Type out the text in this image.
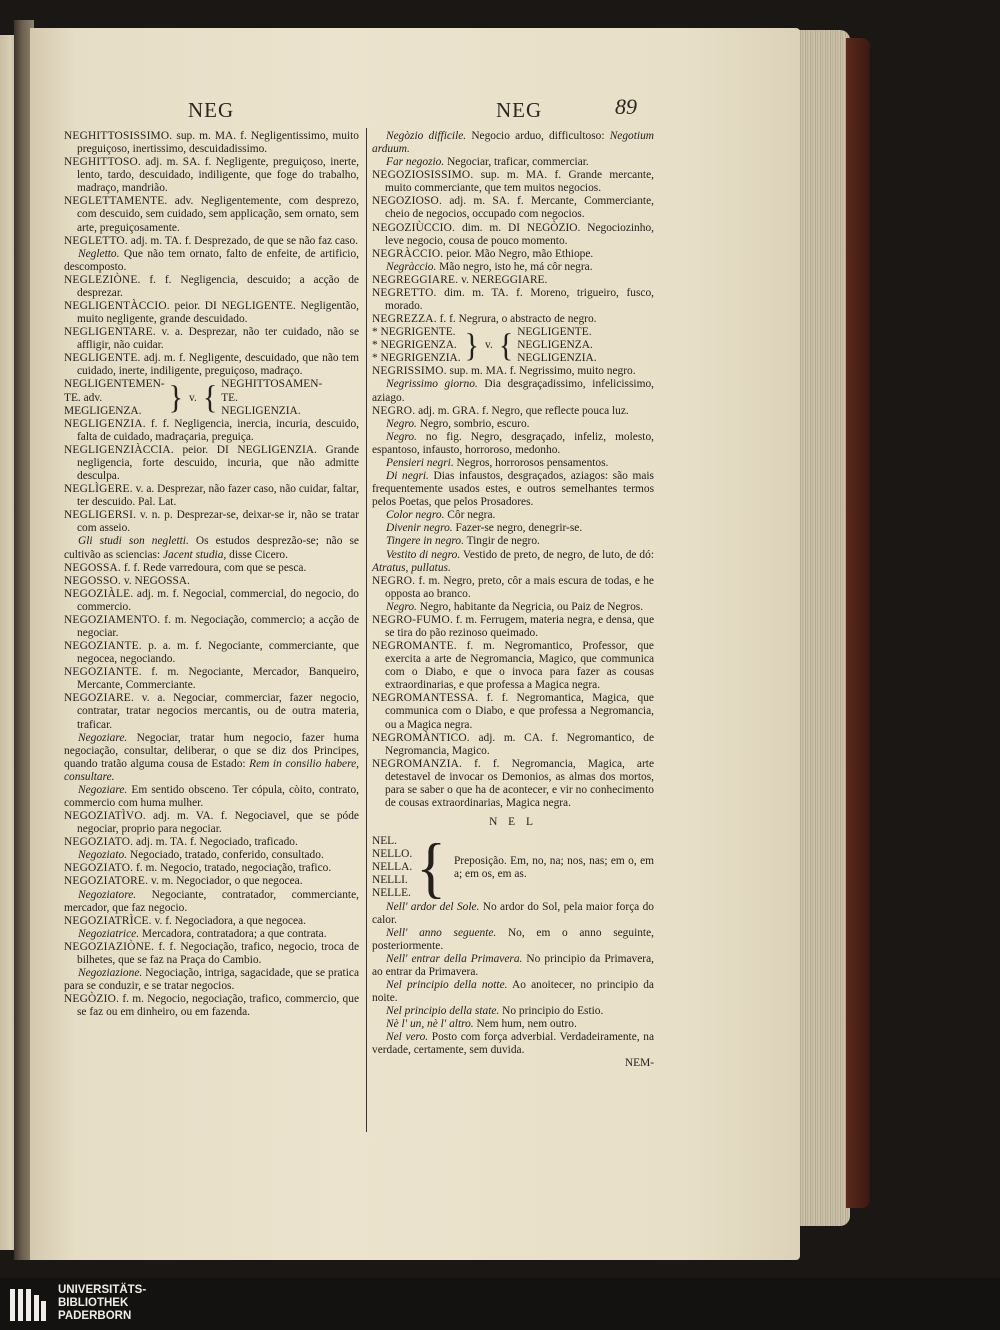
NEG	NEG	89

NEGHITTOSISSIMO. sup. m. MA. f. Negligentissimo, muito preguiçoso, inertissimo, descuidadissimo.

NEGHITTOSO. adj. m. SA. f. Negligente, preguiçoso, inerte, lento, tardo, descuidado, indiligente, que foge do trabalho, madraço, mandrião.

NEGLETTAMENTE. adv. Negligentemente, com desprezo, com descuido, sem cuidado, sem applicação, sem ornato, sem arte, preguiçosamente.

NEGLETTO. adj. m. TA. f. Desprezado, de que se não faz caso.

Negletto. Que não tem ornato, falto de enfeite, de artificio, descomposto.

NEGLEZIÒNE. f. f. Negligencia, descuido; a acção de desprezar.

NEGLIGENTÀCCIO. peior. DI NEGLIGENTE. Negligentão, muito negligente, grande descuidado.

NEGLIGENTARE. v. a. Desprezar, não ter cuidado, não se affligir, não cuidar.

NEGLIGENTE. adj. m. f. Negligente, descuidado, que não tem cuidado, inerte, indiligente, preguiçoso, madraço.

NEGLIGENTEMEN-
TE. adv.
MEGLIGENZA. } v. { NEGHITTOSAMEN-
TE.
NEGLIGENZIA.

NEGLIGENZIA. f. f. Negligencia, inercia, incuria, descuido, falta de cuidado, madraçaria, preguiça.

NEGLIGENZIÀCCIA. peior. DI NEGLIGENZIA. Grande negligencia, forte descuido, incuria, que não admitte desculpa.

NEGLÌGERE. v. a. Desprezar, não fazer caso, não cuidar, faltar, ter descuido. Pal. Lat.

NEGLIGERSI. v. n. p. Desprezar-se, deixar-se ir, não se tratar com asseio.

Gli studi son negletti. Os estudos desprezão-se; não se cultivão as sciencias: Jacent studia, disse Cicero.

NEGOSSA. f. f. Rede varredoura, com que se pesca.

NEGOSSO. v. NEGOSSA.

NEGOZIÀLE. adj. m. f. Negocial, commercial, do negocio, do commercio.

NEGOZIAMENTO. f. m. Negociação, commercio; a acção de negociar.

NEGOZIANTE. p. a. m. f. Negociante, commerciante, que negocea, negociando.

NEGOZIANTE. f. m. Negociante, Mercador, Banqueiro, Mercante, Commerciante.

NEGOZIARE. v. a. Negociar, commerciar, fazer negocio, contratar, tratar negocios mercantis, ou de outra materia, traficar.

Negoziare. Negociar, tratar hum negocio, fazer huma negociação, consultar, deliberar, o que se diz dos Principes, quando tratão alguma cousa de Estado: Rem in consilio habere, consultare.

Negoziare. Em sentido obsceno. Ter cópula, còito, contrato, commercio com huma mulher.

NEGOZIATÌVO. adj. m. VA. f. Negociavel, que se póde negociar, proprio para negociar.

NEGOZIATO. adj. m. TA. f. Negociado, traficado.

Negoziato. Negociado, tratado, conferido, consultado.

NEGOZIATO. f. m. Negocio, tratado, negociação, trafico.

NEGOZIATORE. v. m. Negociador, o que negocea.

Negoziatore. Negociante, contratador, commerciante, mercador, que faz negocio.

NEGOZIATRÌCE. v. f. Negociadora, a que negocea.

Negoziatrice. Mercadora, contratadora; a que contrata.

NEGOZIAZIÒNE. f. f. Negociação, trafico, negocio, troca de bilhetes, que se faz na Praça do Cambio.

Negoziazione. Negociação, intriga, sagacidade, que se pratica para se conduzir, e se tratar negocios.

NEGÒZIO. f. m. Negocio, negociação, trafico, commercio, que se faz ou em dinheiro, ou em fazenda.

Negòzio difficile. Negocio arduo, difficultoso: Negotium arduum.

Far negozio. Negociar, traficar, commerciar.

NEGOZIOSISSIMO. sup. m. MA. f. Grande mercante, muito commerciante, que tem muitos negocios.

NEGOZIOSO. adj. m. SA. f. Mercante, Commerciante, cheio de negocios, occupado com negocios.

NEGOZIÙCCIO. dim. m. DI NEGÒZIO. Negociozinho, leve negocio, cousa de pouco momento.

NEGRÀCCIO. peior. Mão Negro, mão Ethiope.

Negràccio. Mão negro, isto he, má côr negra.

NEGREGGIARE. v. NEREGGIARE.

NEGRETTO. dim. m. TA. f. Moreno, trigueiro, fusco, morado.

NEGREZZA. f. f. Negrura, o abstracto de negro.

* NEGRIGENTE.
* NEGRIGENZA.
* NEGRIGENZIA. } v. { NEGLIGENTE.
NEGLIGENZA.
NEGLIGENZIA.

NEGRISSIMO. sup. m. MA. f. Negrissimo, muito negro.

Negrissimo giorno. Dia desgraçadissimo, infelicissimo, aziago.

NEGRO. adj. m. GRA. f. Negro, que reflecte pouca luz.

Negro. Negro, sombrio, escuro.

Negro. no fig. Negro, desgraçado, infeliz, molesto, espantoso, infausto, horroroso, medonho.

Pensieri negri. Negros, horrorosos pensamentos.

Di negri. Dias infaustos, desgraçados, aziagos: são mais frequentemente usados estes, e outros semelhantes termos pelos Poetas, que pelos Prosadores.

Color negro. Côr negra.

Divenir negro. Fazer-se negro, denegrir-se.

Tingere in negro. Tingir de negro.

Vestito di negro. Vestido de preto, de negro, de luto, de dó: Atratus, pullatus.

NEGRO. f. m. Negro, preto, côr a mais escura de todas, e he opposta ao branco.

Negro. Negro, habitante da Negricia, ou Paiz de Negros.

NEGRO-FUMO. f. m. Ferrugem, materia negra, e densa, que se tira do pão rezinoso queimado.

NEGROMANTE. f. m. Negromantico, Professor, que exercita a arte de Negromancia, Magico, que communica com o Diabo, e que o invoca para fazer as cousas extraordinarias, e que professa a Magica negra.

NEGROMANTESSA. f. f. Negromantica, Magica, que communica com o Diabo, e que professa a Negromancia, ou a Magica negra.

NEGROMÀNTICO. adj. m. CA. f. Negromantico, de Negromancia, Magico.

NEGROMANZIA. f. f. Negromancia, Magica, arte detestavel de invocar os Demonios, as almas dos mortos, para se saber o que ha de acontecer, e vir no conhecimento de cousas extraordinarias, Magica negra.

N E L

NEL.
NELLO.
NELLA.
NELLI.
NELLE. { Preposição. Em, no, na; nos, nas; em o, em a; em os, em as.

Nell' ardor del Sole. No ardor do Sol, pela maior força do calor.

Nell' anno seguente. No, em o anno seguinte, posteriormente.

Nell' entrar della Primavera. No principio da Primavera, ao entrar da Primavera.

Nel principio della notte. Ao anoitecer, no principio da noite.

Nel principio della state. No principio do Estio.

Nè l' un, nè l' altro. Nem hum, nem outro.

Nel vero. Posto com força adverbial. Verdadeiramente, na verdade, certamente, sem duvida.

NEM-

UNIVERSITÄTS-
BIBLIOTHEK
PADERBORN
